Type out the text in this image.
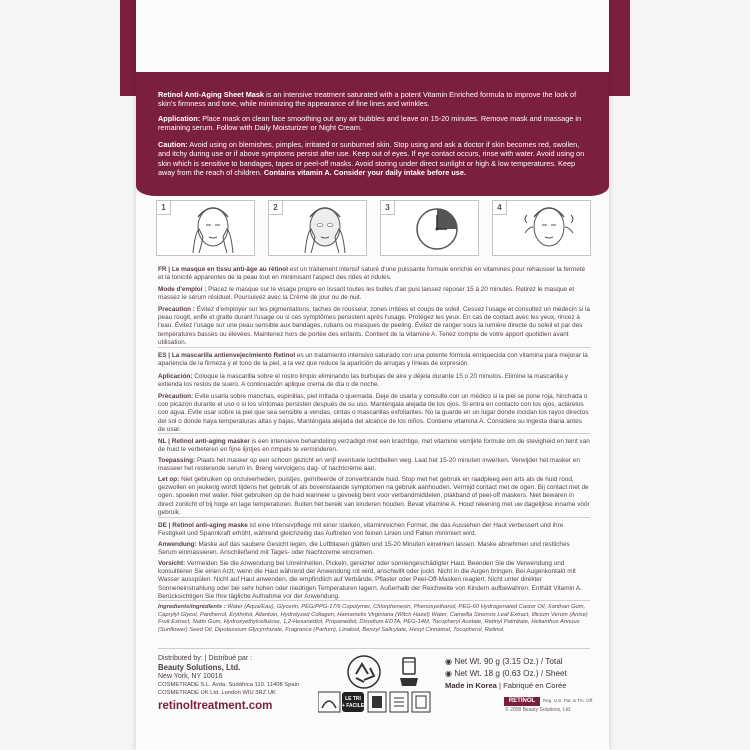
Retinol Anti-Aging Sheet Mask is an intensive treatment saturated with a potent Vitamin Enriched formula to improve the look of skin's firmness and tone, while minimizing the appearance of fine lines and wrinkles.

Application: Place mask on clean face smoothing out any air bubbles and leave on 15-20 minutes. Remove mask and massage in remaining serum. Follow with Daily Moisturizer or Night Cream.

Caution: Avoid using on blemishes, pimples, irritated or sunburned skin. Stop using and ask a doctor if skin becomes red, swollen, and itchy during use or if above symptoms persist after use. Keep out of eyes. If eye contact occurs, rinse with water. Avoid using on skin which is sensitive to bandages, tapes or peel-off masks. Avoid storing under direct sunlight or high & low temperatures. Keep away from the reach of children. Contains vitamin A. Consider your daily intake before use.

1	2	3	4
FR | Le masque en tissu anti-âge au rétinol est un traitement intensif saturé d'une puissante formule enrichie en vitamines pour rehausser la fermeté et la tonicité apparentes de la peau tout en minimisant l'aspect des rides et ridules.
Mode d'emploi : Placez le masque sur le visage propre en lissant toutes les bulles d'air puis laissez reposer 15 à 20 minutes. Retirez le masque et massez le sérum résiduel. Poursuivez avec la Crème de jour ou de nuit.
Precaution : Évitez d'employer sur les pigmentations, taches de rousseur, zones irritées et coups de soleil. Cessez l'usage et consultez un médecin si la peau rougit, enfle et gratte durant l'usage ou si ces symptômes persistent après l'usage. Protégez les yeux. En cas de contact avec les yeux, rincez à l'eau. Évitez l'usage sur une peau sensible aux bandages, rubans ou masques de peeling. Évitez de ranger sous la lumière directe du soleil et par des températures basses ou élevées. Maintenez hors de portée des enfants. Contient de la vitamine A. Tenez compte de votre apport quotidien avant utilisation.
ES | La mascarilla antienvejecimiento Retinol es un tratamiento intensivo saturado con una potente fórmula enriquecida con vitamina para mejorar la apariencia de la firmeza y el tono de la piel, a la vez que reduce la aparición de arrugas y líneas de expresión.
Aplicación: Coloque la mascarilla sobre el rostro limpio eliminando las burbujas de aire y déjela durante 15 o 20 minutos. Elimine la mascarilla y extienda los restos de suero. A continuación aplique crema de día o de noche.
Précaution: Evite usarla sobre manchas, espinillas, piel irritada o quemada. Deje de usarla y consulte con un médico si la piel se pone roja, hinchada o con picazón durante el uso o si los síntomas persisten después de su uso. Manténgala alejada de los ojos. Si entra en contacto con los ojos, aclárelos con agua. Evite usar sobre la piel que sea sensible a vendas, cintas o mascarillas exfoliantes. No la guarde en un lugar donde incidan los rayos directos del sol o donde haya temperaturas altas y bajas. Manténgala alejada del alcance de los niños. Contiene vitamina A. Considere su ingesta diaria antes de usar.
NL | Retinol anti-aging masker is een intensieve behandeling verzadigd met een krachtige, met vitamine verrijkte formule om de stevigheid en teint van de huid te verbeteren en fijne lijntjes en rimpels te verminderen.
Toepassing: Plaats het masker op een schoon gezicht en wrijf eventuele luchtbellen weg. Laat het 15-20 minuten inwerken. Verwijder het masker en masseer het resterende serum in. Breng vervolgens dag- of nachtcrème aan.
Let op: Niet gebruiken op onzuiverheden, puistjes, geïrriteerde of zonverbrande huid. Stop met het gebruik en raadpleeg een arts als de huid rood, gezwollen en jeukerig wordt tijdens het gebruik of als bovenstaande symptomen na gebruik aanhouden. Vermijd contact met de ogen. Bij contact met de ogen, spoelen met water. Niet gebruiken op de huid wanneer u gevoelig bent voor verbandmiddelen, plakband of peel-off maskers. Niet bewaren in direct zonlicht of bij hoge en lage temperaturen. Buiten het bereik van kinderen houden. Bevat vitamine A. Houd rekening met uw dagelijkse inname vóór gebruik.
DE | Retinol anti-aging maske ist eine Intensivpflege mit einer starken, vitaminreichen Formel, die das Aussehen der Haut verbessert und ihre Festigkeit und Spannkraft erhöht, während gleichzeitig das Auftreten von feinen Linien und Falten minimiert wird.
Anwendung: Maske auf das saubere Gesicht legen, die Luftblasen glätten und 15-20 Minuten einwirken lassen. Maske abnehmen und restliches Serum einmassieren. Anschließend mit Tages- oder Nachtcreme eincremen.
Vorsicht: Vermeiden Sie die Anwendung bei Unreinheiten, Pickeln, gereizter oder sonnengeschädigter Haut. Beenden Sie die Verwendung und konsultieren Sie einen Arzt, wenn die Haut während der Anwendung rot wird, anschwillt oder juckt. Nicht in die Augen bringen. Bei Augenkontakt mit Wasser ausspülen. Nicht auf Haut anwenden, die empfindlich auf Verbände, Pflaster oder Peel-Off-Masken reagiert. Nicht unter direkter Sonneneinstrahlung oder bei sehr hohen oder niedrigen Temperaturen lagern. Außerhalb der Reichweite von Kindern aufbewahren. Enthält Vitamin A. Berücksichtigen Sie Ihre tägliche Aufnahme vor der Anwendung.
Ingredients/ingrédients : Water (Aqua/Eau), Glycerin, PEG/PPG-17/6 Copolymer, Chlorphenesin, Phenoxyethanol, PEG-60 Hydrogenated Castor Oil, Xanthan Gum, Caprylyl Glycol, Panthenol, Erythritol, Allantoin, Hydrolyzed Collagen, Hamamelis Virginiana (Witch Hazel) Water, Camellia Sinensis Leaf Extract, Illicium Verum (Anise) Fruit Extract, Natto Gum, Hydroxyethylcellulose, 1,2-Hexanediol, Propanediol, Disodium EDTA, PEG-14M, Tocopheryl Acetate, Retinyl Palmitate, Helianthus Annuus (Sunflower) Seed Oil, Dipotassium Glycyrrhizate, Fragrance (Parfum), Linalool, Benzyl Salicylate, Hexyl Cinnamal, Tocopherol, Retinol.
Distributed by: | Distribué par :
Beauty Solutions, Ltd.
New York, NY 10016
COSMETRADE S.L. Avda. Sudáfrica 110. 11408 Spain
COSMETRADE UK Ltd. London WIU 3RZ UK
retinoltreatment.com
LE TRI
+ FACILE
◉ Net Wt. 90 g (3.15 Oz.) / Total
◉ Net Wt. 18 g (0.63 Oz.) / Sheet
Made in Korea | Fabriqué en Corée
RETINOL	Reg. U.S. Pat. & Tm. Off.
© 2008 Beauty Solutions, Ltd.
